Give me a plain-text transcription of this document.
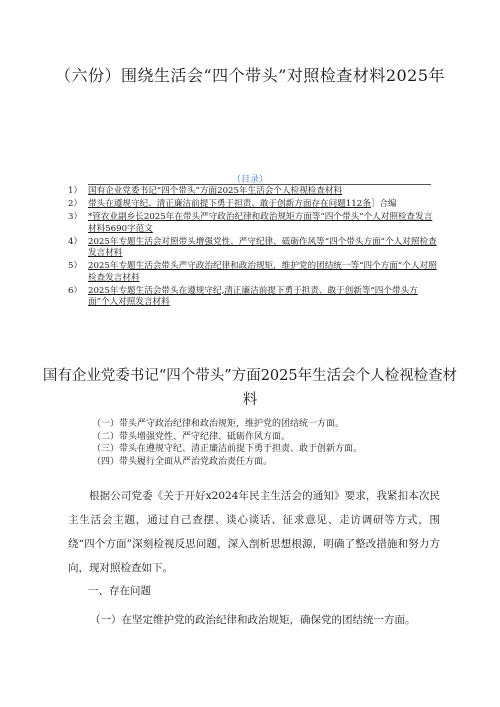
（六份）围绕生活会“四个带头”对照检查材料2025年
（目录）
1） 国有企业党委书记“四个带头”方面2025年生活会个人检视检查材料
2） 带头在遵规守纪、清正廉洁前提下勇于担责、敢于创新方面存在问题112条］合编
3） *管农业副乡长2025年在带头严守政治纪律和政治规矩方面等“四个带头”个人对照检查发言材料5690字范文
4） 2025年专题生活会对照带头增强党性、严守纪律、砥砺作风等“四个带头方面”个人对照检查发言材料
5） 2025年专题生活会带头严守政治纪律和政治规矩，维护党的团结统一等“四个方面”个人对照检查发言材料
6） 2025年专题生活会带头在遵规守纪,清正廉洁前提下勇于担责、敢于创新等“四个带头方面”个人对照发言材料
国有企业党委书记“四个带头”方面2025年生活会个人检视检查材料
（一）带头严守政治纪律和政治规矩，维护党的团结统一方面。
（二）带头增强党性、严守纪律、砥砺作风方面。
（三）带头在遵规守纪、清正廉洁前提下勇于担责、敢于创新方面。
（四）带头履行全面从严治党政治责任方面。

根据公司党委《关于开好x2024年民主生活会的通知》要求，我紧扣本次民主生活会主题，通过自己查摆、谈心谈话、征求意见、走访调研等方式，围绕“四个方面”深刻检视反思问题，深入剖析思想根源，明确了整改措施和努力方向，现对照检查如下。

一、存在问题

（一）在坚定维护党的政治纪律和政治规矩，确保党的团结统一方面。
